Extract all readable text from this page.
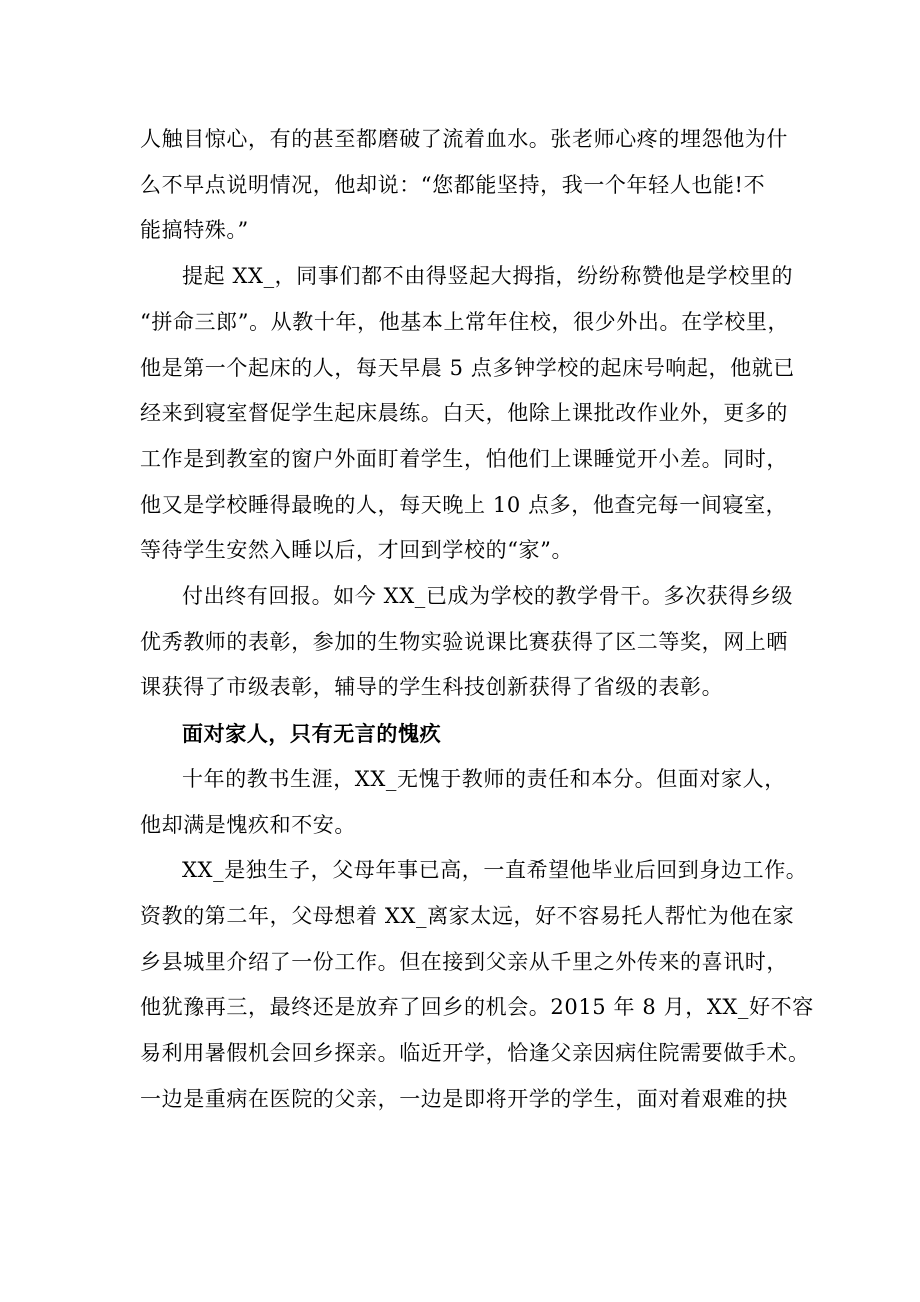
人触目惊心，有的甚至都磨破了流着血水。张老师心疼的埋怨他为什
么不早点说明情况，他却说：“您都能坚持，我一个年轻人也能!不
能搞特殊。”

提起 XX_，同事们都不由得竖起大拇指，纷纷称赞他是学校里的
“拼命三郎”。从教十年，他基本上常年住校，很少外出。在学校里，
他是第一个起床的人，每天早晨 5 点多钟学校的起床号响起，他就已
经来到寝室督促学生起床晨练。白天，他除上课批改作业外，更多的
工作是到教室的窗户外面盯着学生，怕他们上课睡觉开小差。同时，
他又是学校睡得最晚的人，每天晚上 10 点多，他查完每一间寝室，
等待学生安然入睡以后，才回到学校的“家”。

付出终有回报。如今 XX_已成为学校的教学骨干。多次获得乡级
优秀教师的表彰，参加的生物实验说课比赛获得了区二等奖，网上晒
课获得了市级表彰，辅导的学生科技创新获得了省级的表彰。

面对家人，只有无言的愧疚

十年的教书生涯，XX_无愧于教师的责任和本分。但面对家人，
他却满是愧疚和不安。

XX_是独生子，父母年事已高，一直希望他毕业后回到身边工作。
资教的第二年，父母想着 XX_离家太远，好不容易托人帮忙为他在家
乡县城里介绍了一份工作。但在接到父亲从千里之外传来的喜讯时，
他犹豫再三，最终还是放弃了回乡的机会。2015 年 8 月，XX_好不容
易利用暑假机会回乡探亲。临近开学，恰逢父亲因病住院需要做手术。
一边是重病在医院的父亲，一边是即将开学的学生，面对着艰难的抉
